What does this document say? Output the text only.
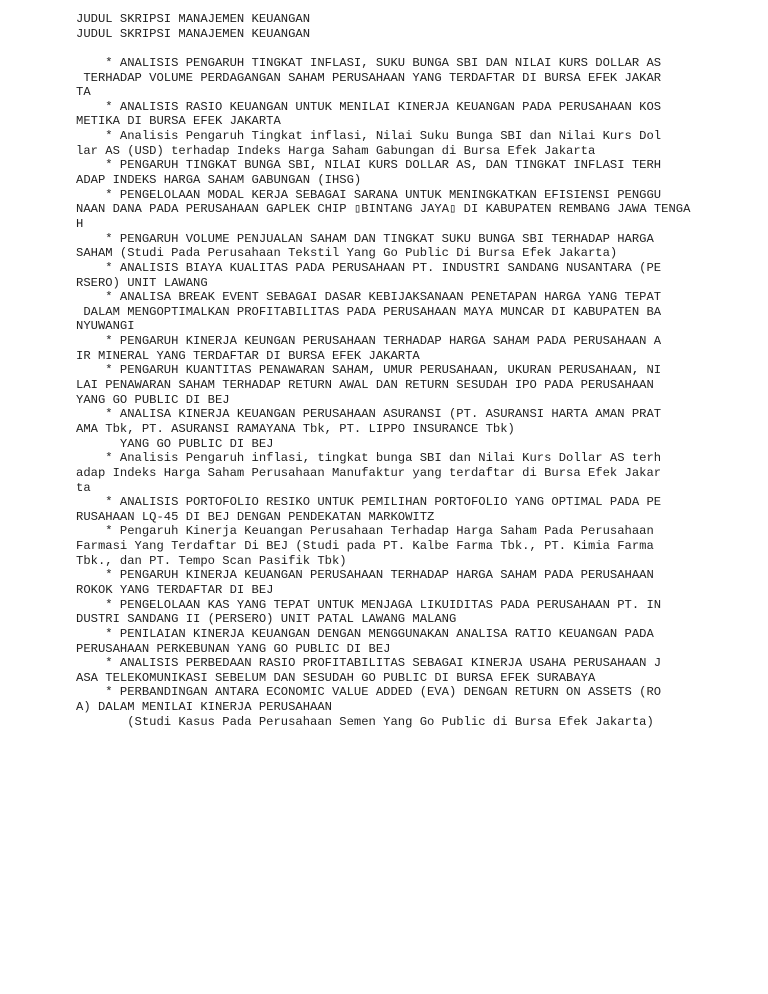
JUDUL SKRIPSI MANAJEMEN KEUANGAN
JUDUL SKRIPSI MANAJEMEN KEUANGAN
* ANALISIS PENGARUH TINGKAT INFLASI, SUKU BUNGA SBI DAN NILAI KURS DOLLAR AS
TERHADAP VOLUME PERDAGANGAN SAHAM PERUSAHAAN YANG TERDAFTAR DI BURSA EFEK JAKAR
TA
* ANALISIS RASIO KEUANGAN UNTUK MENILAI KINERJA KEUANGAN PADA PERUSAHAAN KOS
METIKA DI BURSA EFEK JAKARTA
* Analisis Pengaruh Tingkat inflasi, Nilai Suku Bunga SBI dan Nilai Kurs Dol
lar AS (USD) terhadap Indeks Harga Saham Gabungan di Bursa Efek Jakarta
* PENGARUH TINGKAT BUNGA SBI, NILAI KURS DOLLAR AS, DAN TINGKAT INFLASI TERH
ADAP INDEKS HARGA SAHAM GABUNGAN (IHSG)
* PENGELOLAAN MODAL KERJA SEBAGAI SARANA UNTUK MENINGKATKAN EFISIENSI PENGGU
NAAN DANA PADA PERUSAHAAN GAPLEK CHIP ▯BINTANG JAYA▯ DI KABUPATEN REMBANG JAWA TENGA
H
* PENGARUH VOLUME PENJUALAN SAHAM DAN TINGKAT SUKU BUNGA SBI TERHADAP HARGA
SAHAM (Studi Pada Perusahaan Tekstil Yang Go Public Di Bursa Efek Jakarta)
* ANALISIS BIAYA KUALITAS PADA PERUSAHAAN PT. INDUSTRI SANDANG NUSANTARA (PE
RSERO) UNIT LAWANG
* ANALISA BREAK EVENT SEBAGAI DASAR KEBIJAKSANAAN PENETAPAN HARGA YANG TEPAT
DALAM MENGOPTIMALKAN PROFITABILITAS PADA PERUSAHAAN MAYA MUNCAR DI KABUPATEN BA
NYUWANGI
* PENGARUH KINERJA KEUNGAN PERUSAHAAN TERHADAP HARGA SAHAM PADA PERUSAHAAN A
IR MINERAL YANG TERDAFTAR DI BURSA EFEK JAKARTA
* PENGARUH KUANTITAS PENAWARAN SAHAM, UMUR PERUSAHAAN, UKURAN PERUSAHAAN, NI
LAI PENAWARAN SAHAM TERHADAP RETURN AWAL DAN RETURN SESUDAH IPO PADA PERUSAHAAN
YANG GO PUBLIC DI BEJ
* ANALISA KINERJA KEUANGAN PERUSAHAAN ASURANSI (PT. ASURANSI HARTA AMAN PRAT
AMA Tbk, PT. ASURANSI RAMAYANA Tbk, PT. LIPPO INSURANCE Tbk)
YANG GO PUBLIC DI BEJ
* Analisis Pengaruh inflasi, tingkat bunga SBI dan Nilai Kurs Dollar AS terh
adap Indeks Harga Saham Perusahaan Manufaktur yang terdaftar di Bursa Efek Jakar
ta
* ANALISIS PORTOFOLIO RESIKO UNTUK PEMILIHAN PORTOFOLIO YANG OPTIMAL PADA PE
RUSAHAAN LQ-45 DI BEJ DENGAN PENDEKATAN MARKOWITZ
* Pengaruh Kinerja Keuangan Perusahaan Terhadap Harga Saham Pada Perusahaan
Farmasi Yang Terdaftar Di BEJ (Studi pada PT. Kalbe Farma Tbk., PT. Kimia Farma
Tbk., dan PT. Tempo Scan Pasifik Tbk)
* PENGARUH KINERJA KEUANGAN PERUSAHAAN TERHADAP HARGA SAHAM PADA PERUSAHAAN
ROKOK YANG TERDAFTAR DI BEJ
* PENGELOLAAN KAS YANG TEPAT UNTUK MENJAGA LIKUIDITAS PADA PERUSAHAAN PT. IN
DUSTRI SANDANG II (PERSERO) UNIT PATAL LAWANG MALANG
* PENILAIAN KINERJA KEUANGAN DENGAN MENGGUNAKAN ANALISA RATIO KEUANGAN PADA
PERUSAHAAN PERKEBUNAN YANG GO PUBLIC DI BEJ
* ANALISIS PERBEDAAN RASIO PROFITABILITAS SEBAGAI KINERJA USAHA PERUSAHAAN J
ASA TELEKOMUNIKASI SEBELUM DAN SESUDAH GO PUBLIC DI BURSA EFEK SURABAYA
* PERBANDINGAN ANTARA ECONOMIC VALUE ADDED (EVA) DENGAN RETURN ON ASSETS (RO
A) DALAM MENILAI KINERJA PERUSAHAAN
(Studi Kasus Pada Perusahaan Semen Yang Go Public di Bursa Efek Jakarta)
